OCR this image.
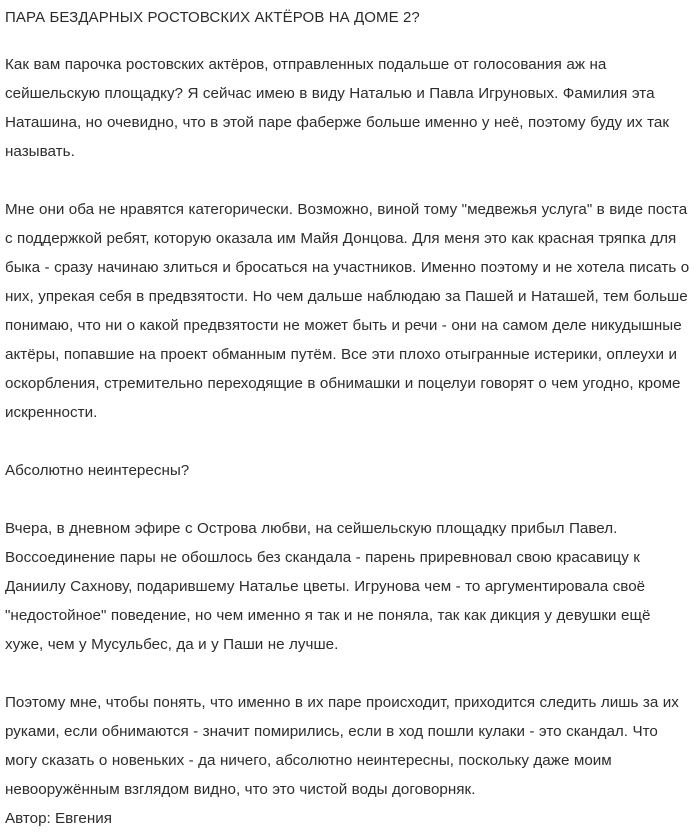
ПАРА БЕЗДАРНЫХ РОСТОВСКИХ АКТЁРОВ НА ДОМЕ 2?

Как вам парочка ростовских актёров, отправленных подальше от голосования аж на сейшельскую площадку? Я сейчас имею в виду Наталью и Павла Игруновых. Фамилия эта Наташина, но очевидно, что в этой паре фаберже больше именно у неё, поэтому буду их так называть.

Мне они оба не нравятся категорически. Возможно, виной тому "медвежья услуга" в виде поста с поддержкой ребят, которую оказала им Майя Донцова. Для меня это как красная тряпка для быка - сразу начинаю злиться и бросаться на участников. Именно поэтому и не хотела писать о них, упрекая себя в предвзятости. Но чем дальше наблюдаю за Пашей и Наташей, тем больше понимаю, что ни о какой предвзятости не может быть и речи - они на самом деле никудышные актёры, попавшие на проект обманным путём. Все эти плохо отыгранные истерики, оплеухи и оскорбления, стремительно переходящие в обнимашки и поцелуи говорят о чем угодно, кроме искренности.

Абсолютно неинтересны?

Вчера, в дневном эфире с Острова любви, на сейшельскую площадку прибыл Павел. Воссоединение пары не обошлось без скандала - парень приревновал свою красавицу к Даниилу Сахнову, подарившему Наталье цветы. Игрунова чем - то аргументировала своё "недостойное" поведение, но чем именно я так и не поняла, так как дикция у девушки ещё хуже, чем у Мусульбес, да и у Паши не лучше.

Поэтому мне, чтобы понять, что именно в их паре происходит, приходится следить лишь за их руками, если обнимаются - значит помирились, если в ход пошли кулаки - это скандал. Что могу сказать о новеньких - да ничего, абсолютно неинтересны, поскольку даже моим невооружённым взглядом видно, что это чистой воды договорняк.

Автор: Евгения
